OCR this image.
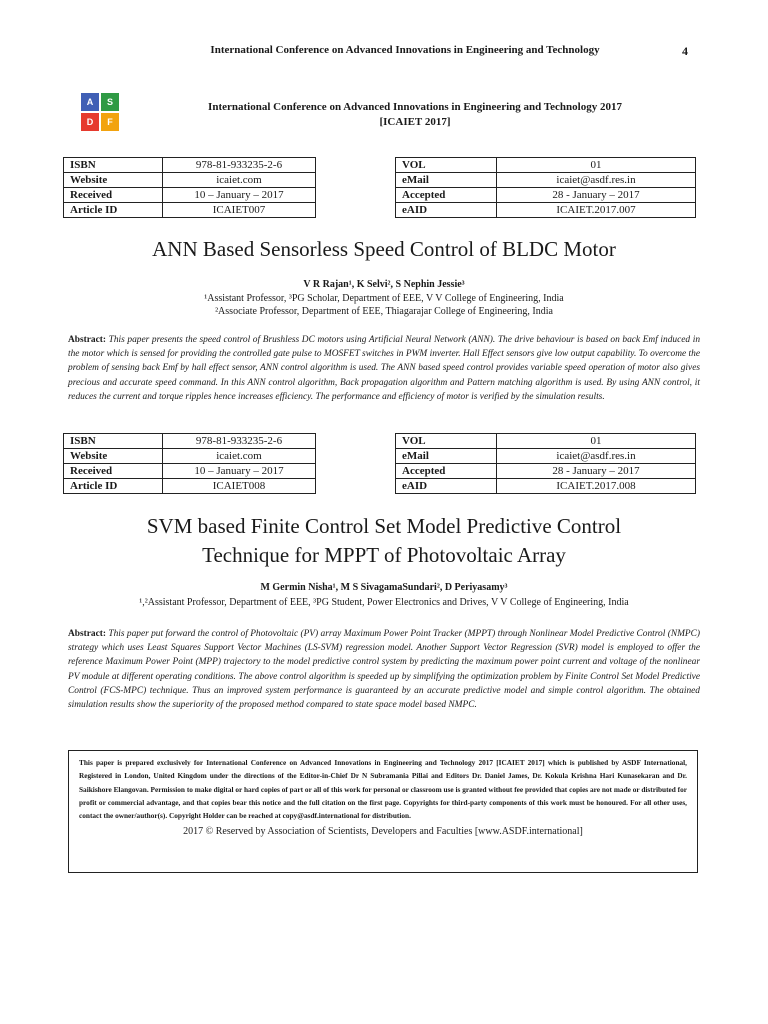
International Conference on Advanced Innovations in Engineering and Technology	4
A	S
D	F
International Conference on Advanced Innovations in Engineering and Technology 2017
[ICAIET 2017]
ISBN	978-81-933235-2-6
Website	icaiet.com
Received	10 – January – 2017
Article ID	ICAIET007
VOL	01
eMail	icaiet@asdf.res.in
Accepted	28 - January – 2017
eAID	ICAIET.2017.007
ANN Based Sensorless Speed Control of BLDC Motor
V R Rajan¹, K Selvi², S Nephin Jessie³
¹Assistant Professor, ³PG Scholar, Department of EEE, V V College of Engineering, India
²Associate Professor, Department of EEE, Thiagarajar College of Engineering, India
Abstract: This paper presents the speed control of Brushless DC motors using Artificial Neural Network (ANN). The drive behaviour is based on back Emf induced in the motor which is sensed for providing the controlled gate pulse to MOSFET switches in PWM inverter. Hall Effect sensors give low output capability. To overcome the problem of sensing back Emf by hall effect sensor, ANN control algorithm is used. The ANN based speed control provides variable speed operation of motor also gives precious and accurate speed command. In this ANN control algorithm, Back propagation algorithm and Pattern matching algorithm is used. By using ANN control, it reduces the current and torque ripples hence increases efficiency. The performance and efficiency of motor is verified by the simulation results.
ISBN	978-81-933235-2-6
Website	icaiet.com
Received	10 – January – 2017
Article ID	ICAIET008
VOL	01
eMail	icaiet@asdf.res.in
Accepted	28 - January – 2017
eAID	ICAIET.2017.008
SVM based Finite Control Set Model Predictive Control
Technique for MPPT of Photovoltaic Array
M Germin Nisha¹, M S SivagamaSundari², D Periyasamy³
¹,²Assistant Professor, Department of EEE, ³PG Student, Power Electronics and Drives, V V College of Engineering, India
Abstract: This paper put forward the control of Photovoltaic (PV) array Maximum Power Point Tracker (MPPT) through Nonlinear Model Predictive Control (NMPC) strategy which uses Least Squares Support Vector Machines (LS-SVM) regression model. Another Support Vector Regression (SVR) model is employed to offer the reference Maximum Power Point (MPP) trajectory to the model predictive control system by predicting the maximum power point current and voltage of the nonlinear PV module at different operating conditions. The above control algorithm is speeded up by simplifying the optimization problem by Finite Control Set Model Predictive Control (FCS-MPC) technique. Thus an improved system performance is guaranteed by an accurate predictive model and simple control algorithm. The obtained simulation results show the superiority of the proposed method compared to state space model based NMPC.
This paper is prepared exclusively for International Conference on Advanced Innovations in Engineering and Technology 2017 [ICAIET 2017] which is published by ASDF International, Registered in London, United Kingdom under the directions of the Editor-in-Chief Dr N Subramania Pillai and Editors Dr. Daniel James, Dr. Kokula Krishna Hari Kunasekaran and Dr. Saikishore Elangovan. Permission to make digital or hard copies of part or all of this work for personal or classroom use is granted without fee provided that copies are not made or distributed for profit or commercial advantage, and that copies bear this notice and the full citation on the first page. Copyrights for third-party components of this work must be honoured. For all other uses, contact the owner/author(s). Copyright Holder can be reached at copy@asdf.international for distribution.
2017 © Reserved by Association of Scientists, Developers and Faculties [www.ASDF.international]
